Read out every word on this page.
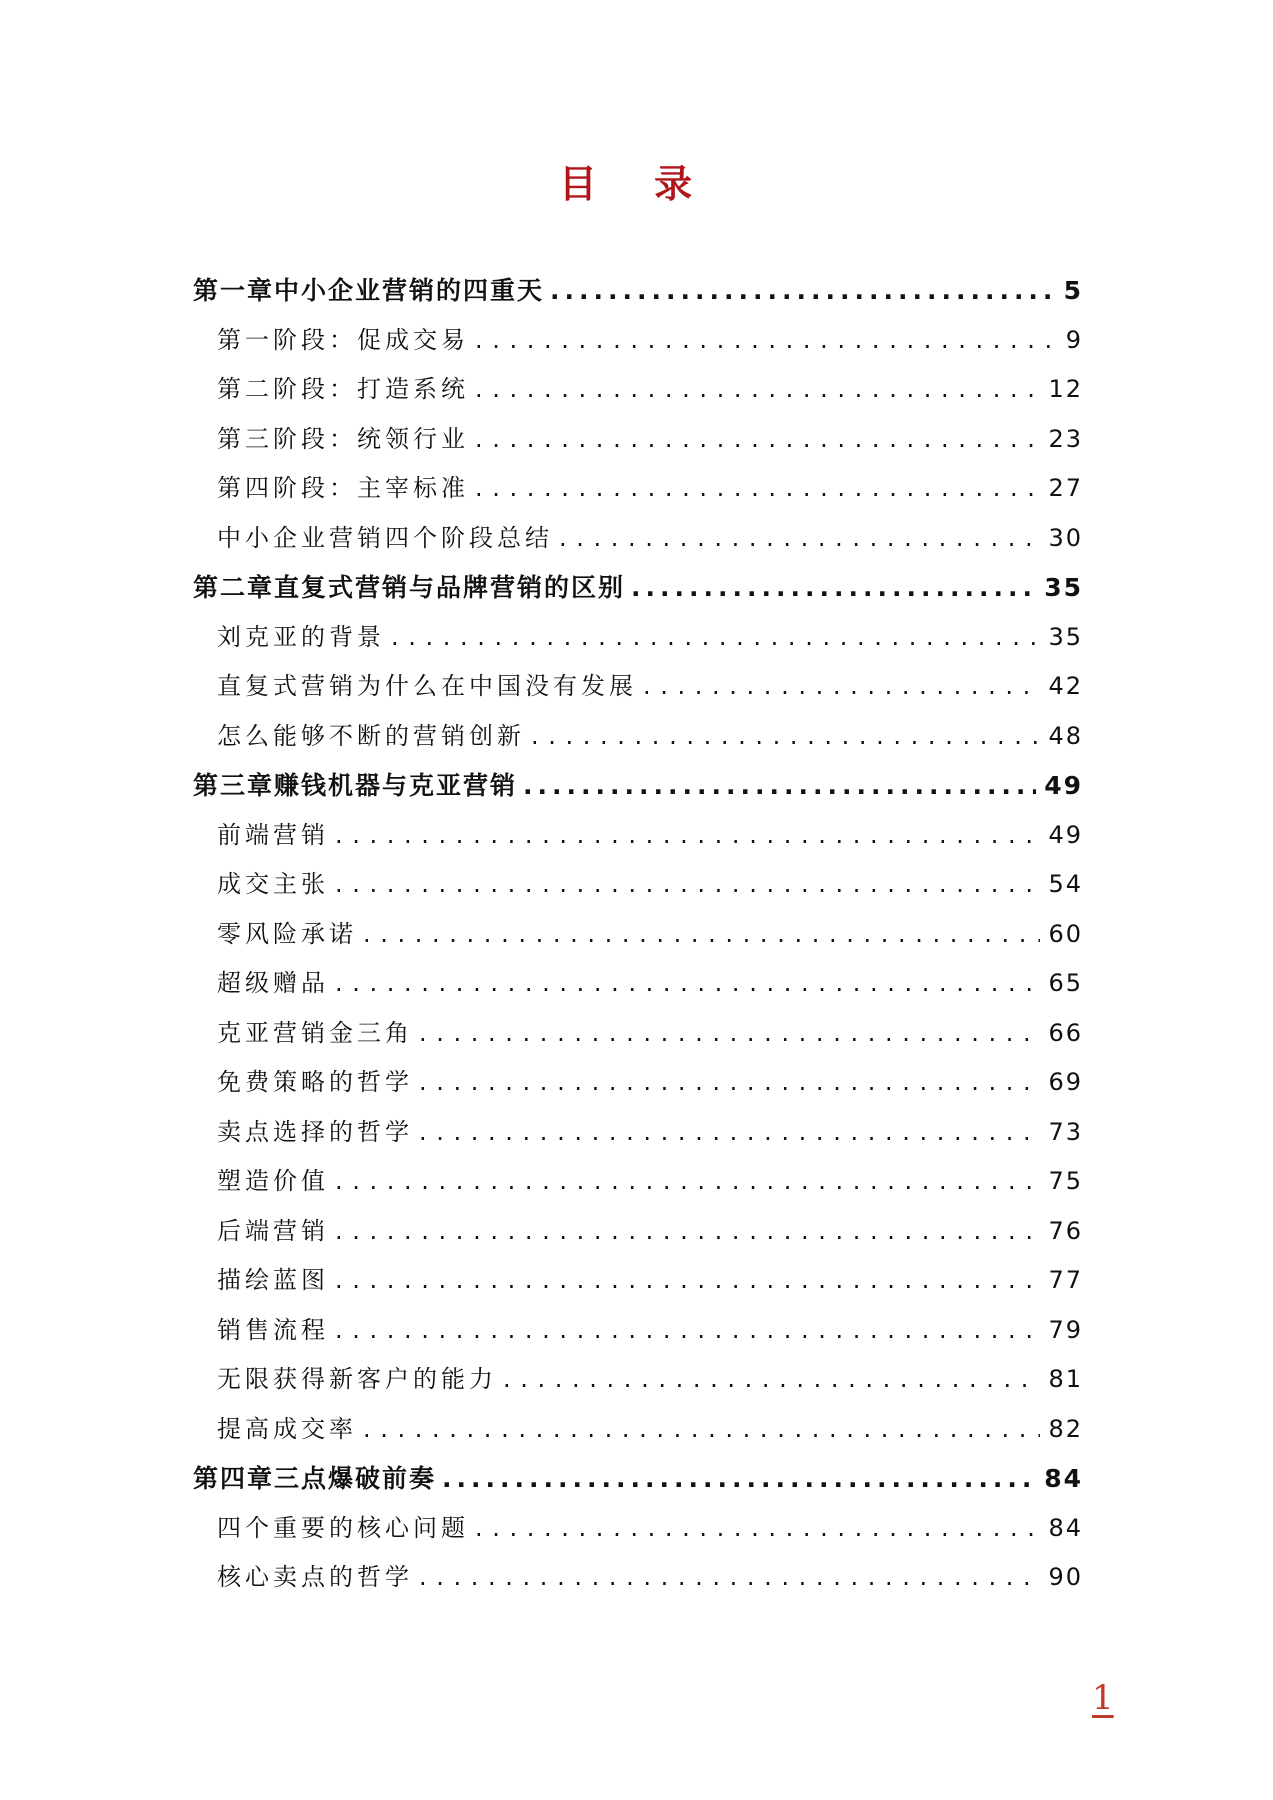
目 录
第一章 中小企业营销的四重天 .....	5
第一阶段：促成交易 . . .	9
第二阶段：打造系统 . . .	12
第三阶段：统领行业 . . .	23
第四阶段：主宰标准 . . .	27
中小企业营销四个阶段总结 . . .	30
第二章 直复式营销与品牌营销的区别 .....	35
刘克亚的背景 . . .	35
直复式营销为什么在中国没有发展 . . .	42
怎么能够不断的营销创新 . . .	48
第三章 赚钱机器与克亚营销 .....	49
前端营销 . . .	49
成交主张 . . .	54
零风险承诺 . . .	60
超级赠品 . . .	65
克亚营销金三角 . . .	66
免费策略的哲学 . . .	69
卖点选择的哲学 . . .	73
塑造价值 . . .	75
后端营销 . . .	76
描绘蓝图 . . .	77
销售流程 . . .	79
无限获得新客户的能力 . . .	81
提高成交率 . . .	82
第四章 三点爆破前奏 .....	84
四个重要的核心问题 . . .	84
核心卖点的哲学 . . .	90
1
